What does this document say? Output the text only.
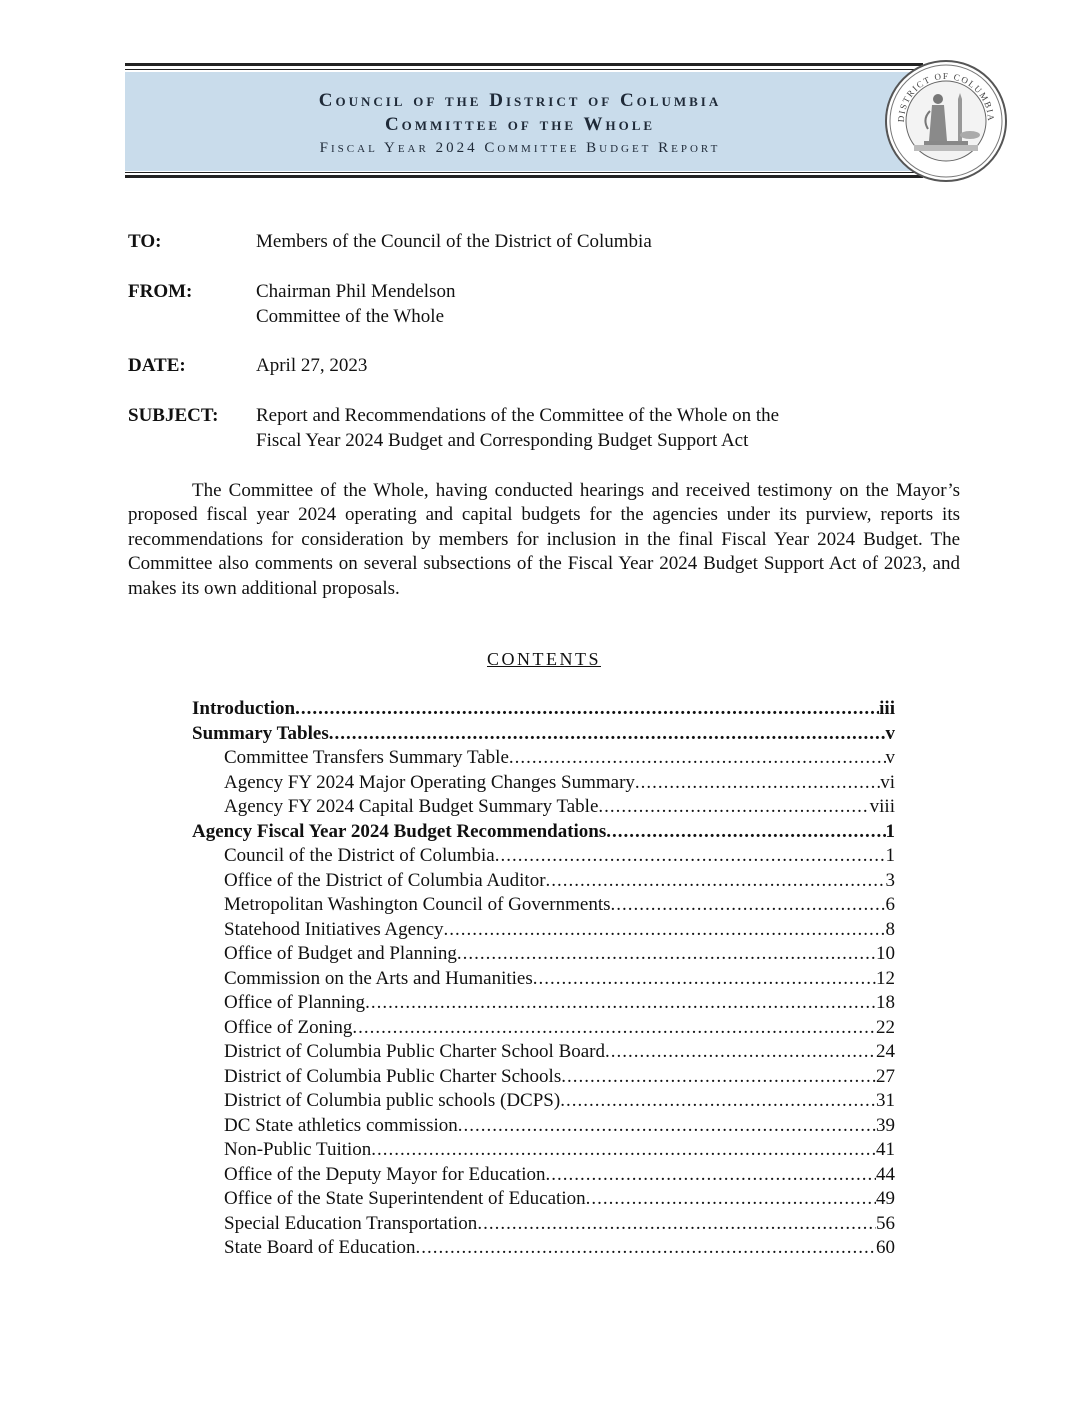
Council of the District of Columbia
Committee of the Whole
Fiscal Year 2024 Committee Budget Report
DISTRICT OF COLUMBIA
TO:	Members of the Council of the District of Columbia
FROM:	Chairman Phil Mendelson
Committee of the Whole
DATE:	April 27, 2023
SUBJECT:	Report and Recommendations of the Committee of the Whole on the
Fiscal Year 2024 Budget and Corresponding Budget Support Act
The Committee of the Whole, having conducted hearings and received testimony on the Mayor’s proposed fiscal year 2024 operating and capital budgets for the agencies under its purview, reports its recommendations for consideration by members for inclusion in the final Fiscal Year 2024 Budget. The Committee also comments on several subsections of the Fiscal Year 2024 Budget Support Act of 2023, and makes its own additional proposals.
CONTENTS
Introduction .....	iii
Summary Tables .....	v
Committee Transfers Summary Table .....	v
Agency FY 2024 Major Operating Changes Summary .....	vi
Agency FY 2024 Capital Budget Summary Table .....	viii
Agency Fiscal Year 2024 Budget Recommendations .....	1
Council of the District of Columbia .....	1
Office of the District of Columbia Auditor .....	3
Metropolitan Washington Council of Governments .....	6
Statehood Initiatives Agency .....	8
Office of Budget and Planning .....	10
Commission on the Arts and Humanities .....	12
Office of Planning .....	18
Office of Zoning .....	22
District of Columbia Public Charter School Board .....	24
District of Columbia Public Charter Schools .....	27
District of Columbia public schools (DCPS) .....	31
DC State athletics commission .....	39
Non-Public Tuition .....	41
Office of the Deputy Mayor for Education .....	44
Office of the State Superintendent of Education .....	49
Special Education Transportation .....	56
State Board of Education .....	60
